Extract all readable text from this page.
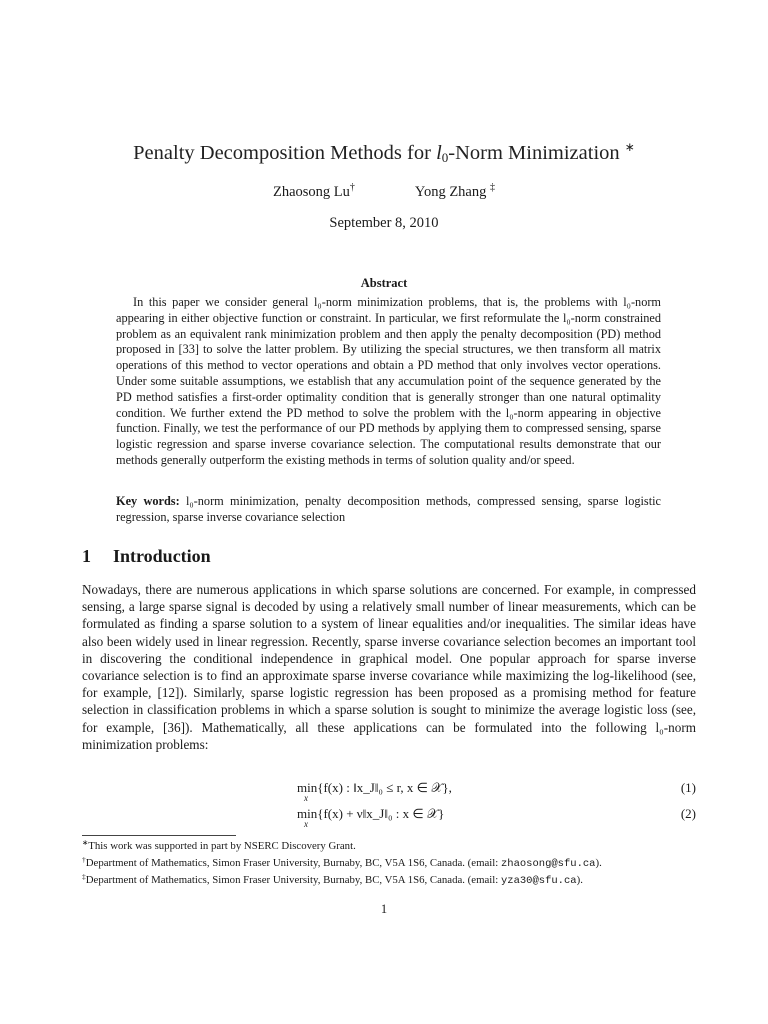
Penalty Decomposition Methods for $l_0$-Norm Minimization ∗
Zhaosong Lu†	Yong Zhang ‡
September 8, 2010
Abstract
In this paper we consider general l₀-norm minimization problems, that is, the problems with l₀-norm appearing in either objective function or constraint. In particular, we first reformulate the l₀-norm constrained problem as an equivalent rank minimization problem and then apply the penalty decomposition (PD) method proposed in [33] to solve the latter problem. By utilizing the special structures, we then transform all matrix operations of this method to vector operations and obtain a PD method that only involves vector operations. Under some suitable assumptions, we establish that any accumulation point of the sequence generated by the PD method satisfies a first-order optimality condition that is generally stronger than one natural optimality condition. We further extend the PD method to solve the problem with the l₀-norm appearing in objective function. Finally, we test the performance of our PD methods by applying them to compressed sensing, sparse logistic regression and sparse inverse covariance selection. The computational results demonstrate that our methods generally outperform the existing methods in terms of solution quality and/or speed.
Key words: l₀-norm minimization, penalty decomposition methods, compressed sensing, sparse logistic regression, sparse inverse covariance selection
1 Introduction
Nowadays, there are numerous applications in which sparse solutions are concerned. For example, in compressed sensing, a large sparse signal is decoded by using a relatively small number of linear measurements, which can be formulated as finding a sparse solution to a system of linear equalities and/or inequalities. The similar ideas have also been widely used in linear regression. Recently, sparse inverse covariance selection becomes an important tool in discovering the conditional independence in graphical model. One popular approach for sparse inverse covariance selection is to find an approximate sparse inverse covariance while maximizing the log-likelihood (see, for example, [12]). Similarly, sparse logistic regression has been proposed as a promising method for feature selection in classification problems in which a sparse solution is sought to minimize the average logistic loss (see, for example, [36]). Mathematically, all these applications can be formulated into the following l₀-norm minimization problems:
min{f(x) : ‖x_J‖₀ ≤ r, x ∈ 𝒳},
x
(1)
min{f(x) + ν‖x_J‖₀ : x ∈ 𝒳}
x
(2)
∗This work was supported in part by NSERC Discovery Grant.
†Department of Mathematics, Simon Fraser University, Burnaby, BC, V5A 1S6, Canada. (email: zhaosong@sfu.ca).
‡Department of Mathematics, Simon Fraser University, Burnaby, BC, V5A 1S6, Canada. (email: yza30@sfu.ca).
1
